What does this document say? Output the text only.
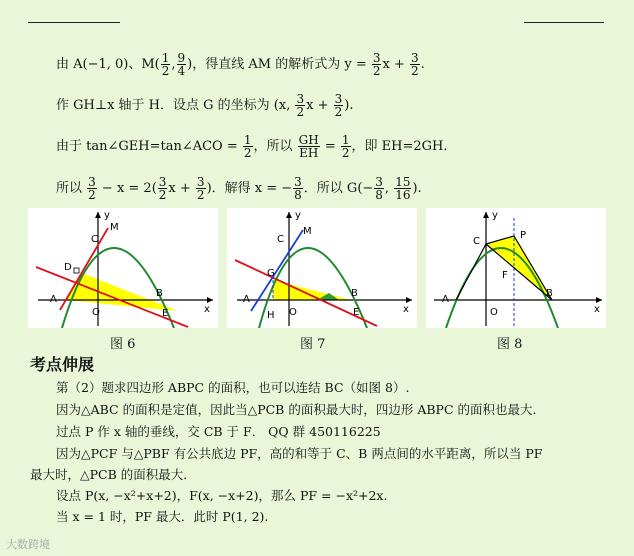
由 A(−1, 0)、$M( \frac{1}{2}$ , $\frac{9}{4}$ )，得直线 AM 的解析式为 $y = \frac{3}{2}$ $x + \frac{3}{2}$ .
作 GH⊥x 轴于 H．设点 G 的坐标为 (x, $\frac{3}{2}$ $x + \frac{3}{2}$ ).
由于 tan∠GEH=tan∠ACO = $\frac{1}{2}$ ，所以 $\frac{GH}{EH} = \frac{1}{2}$ ，即 EH=2GH．
所以 $\frac{3}{2} - x = 2( \frac{3}{2}$ $x + \frac{3}{2}$ )．解得 x = − $\frac{3}{8}$ ．所以 $G(- \frac{3}{8}$ , $\frac{15}{16}$ ).
C
M
D
A
O	E
B
y
x
图 6
C
M
G
A
H O	E
B
y
x
图 7
C
P
F
A
O
B
y
x
图 8
考点伸展
第（2）题求四边形 ABPC 的面积，也可以连结 BC（如图 8）.
因为△ABC 的面积是定值，因此当△PCB 的面积最大时，四边形 ABPC 的面积也最大．
过点 P 作 x 轴的垂线，交 CB 于 F． QQ 群 450116225
因为△PCF 与△PBF 有公共底边 PF，高的和等于 C、B 两点间的水平距离，所以当 PF
最大时，△PCB 的面积最大．
设点 P(x, −x²+x+2)，F(x, −x+2)，那么 PF = −x²+2x.
当 x = 1 时，PF 最大．此时 P(1, 2).
大数跨境
